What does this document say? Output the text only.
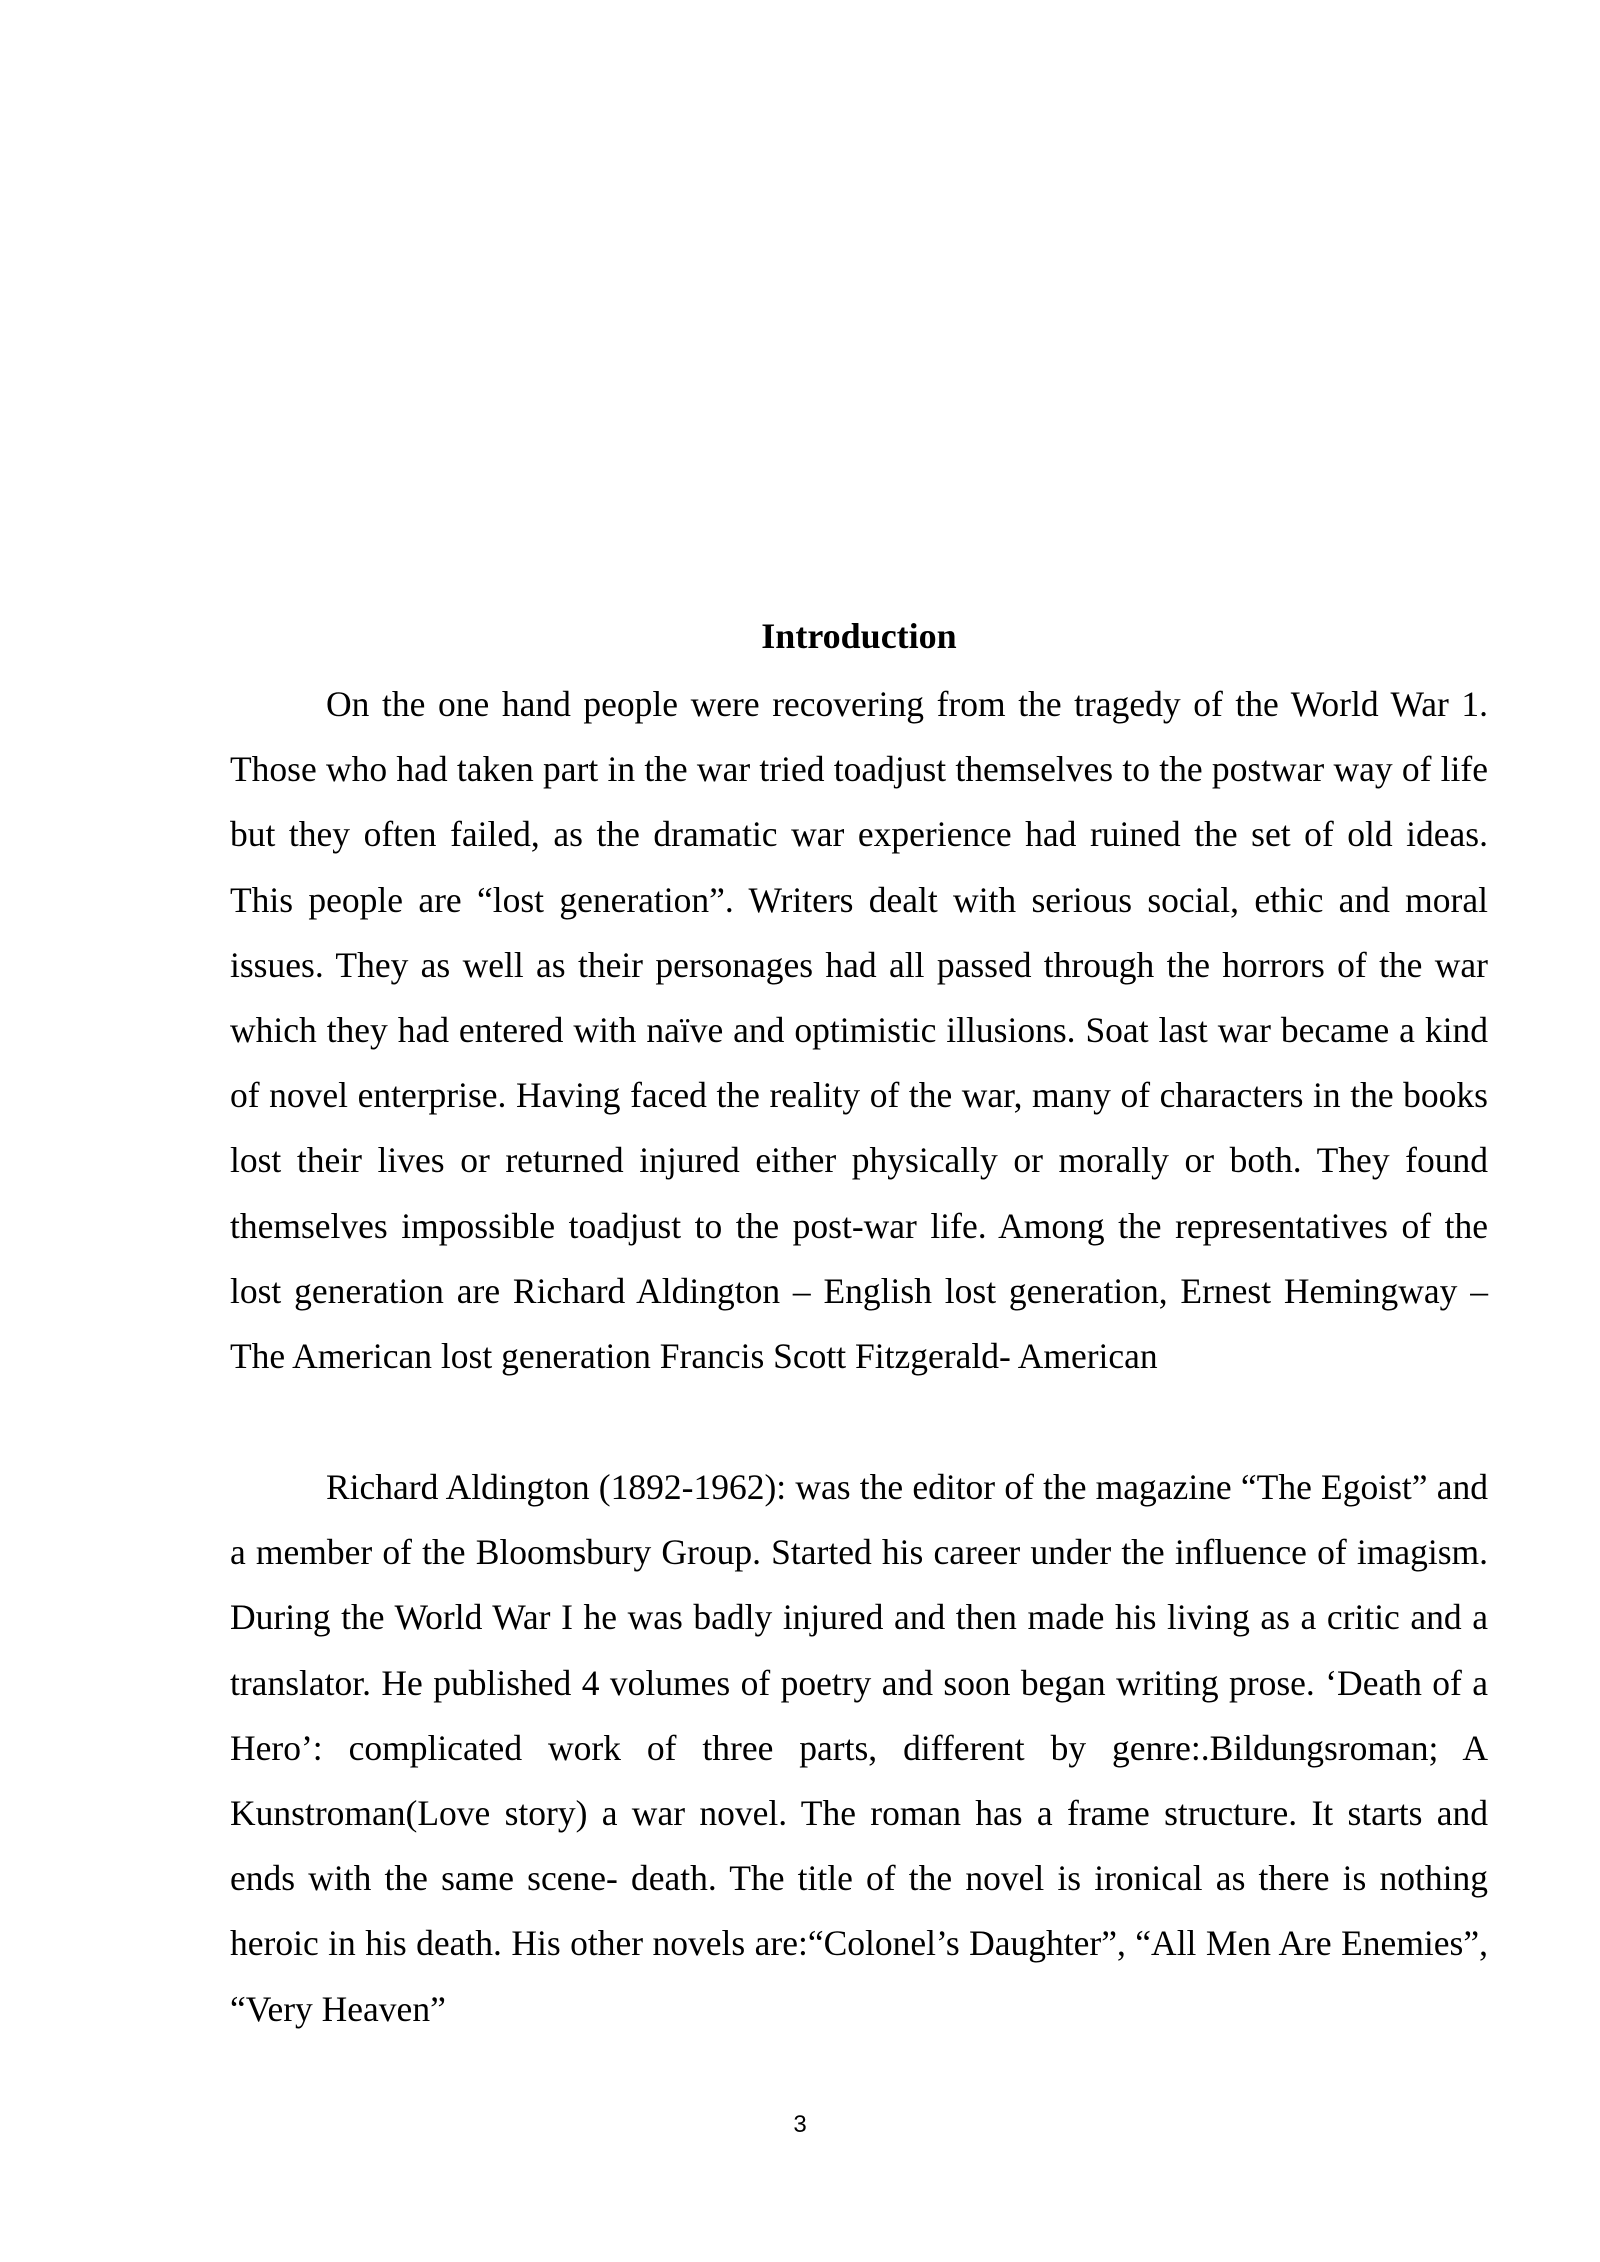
Introduction

On the one hand people were recovering from the tragedy of the World War 1. Those who had taken part in the war tried toadjust themselves to the postwar way of life but they often failed, as the dramatic war experience had ruined the set of old ideas. This people are “lost generation”. Writers dealt with serious social, ethic and moral issues. They as well as their personages had all passed through the horrors of the war which they had entered with naïve and optimistic illusions. Soat last war became a kind of novel enterprise. Having faced the reality of the war, many of characters in the books lost their lives or returned injured either physically or morally or both. They found themselves impossible toadjust to the post-war life. Among the representatives of the lost generation are Richard Aldington – English lost generation, Ernest Hemingway – The American lost generation Francis Scott Fitzgerald- American

Richard Aldington (1892-1962): was the editor of the magazine “The Egoist” and a member of the Bloomsbury Group. Started his career under the influence of imagism. During the World War I he was badly injured and then made his living as a critic and a translator. He published 4 volumes of poetry and soon began writing prose. ‘Death of a Hero’: complicated work of three parts, different by genre:.Bildungsroman; A Kunstroman(Love story) a war novel. The roman has a frame structure. It starts and ends with the same scene- death. The title of the novel is ironical as there is nothing heroic in his death. His other novels are:“Colonel’s Daughter”, “All Men Are Enemies”, “Very Heaven”

3
